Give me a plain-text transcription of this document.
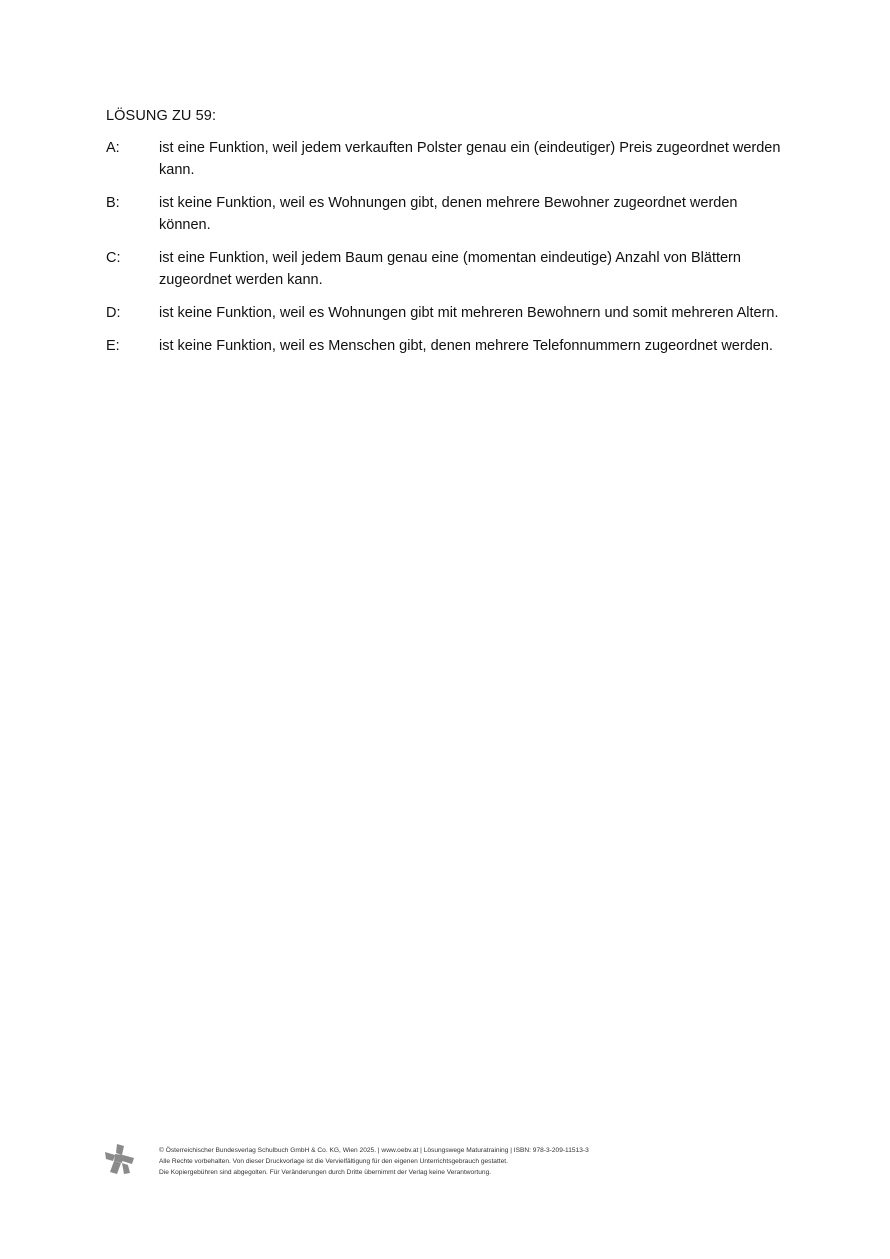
LÖSUNG ZU 59:
A:	ist eine Funktion, weil jedem verkauften Polster genau ein (eindeutiger) Preis zugeordnet werden kann.
B:	ist keine Funktion, weil es Wohnungen gibt, denen mehrere Bewohner zugeordnet werden können.
C:	ist eine Funktion, weil jedem Baum genau eine (momentan eindeutige) Anzahl von Blättern zugeordnet werden kann.
D:	ist keine Funktion, weil es Wohnungen gibt mit mehreren Bewohnern und somit mehreren Altern.
E:	ist keine Funktion, weil es Menschen gibt, denen mehrere Telefonnummern zugeordnet werden.
© Österreichischer Bundesverlag Schulbuch GmbH & Co. KG, Wien 2025. | www.oebv.at | Lösungswege Maturatraining | ISBN: 978-3-209-11513-3
Alle Rechte vorbehalten. Von dieser Druckvorlage ist die Vervielfältigung für den eigenen Unterrichtsgebrauch gestattet.
Die Kopiergebühren sind abgegolten. Für Veränderungen durch Dritte übernimmt der Verlag keine Verantwortung.
